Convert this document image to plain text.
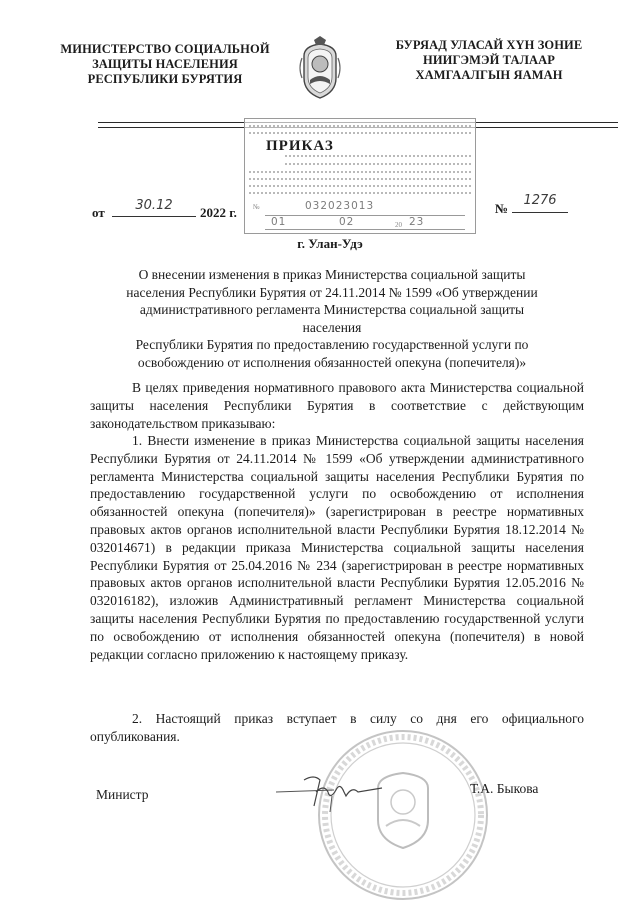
МИНИСТЕРСТВО СОЦИАЛЬНОЙ
ЗАЩИТЫ НАСЕЛЕНИЯ
РЕСПУБЛИКИ БУРЯТИЯ
БУРЯАД УЛАСАЙ ХҮН ЗОНИЕ
НИИГЭМЭЙ ТАЛААР
ХАМГААЛГЫН ЯАМАН
№	032023013
01	02	20 23
ПРИКАЗ
от	30.12	2022 г.	№
1276
г. Улан-Удэ
О внесении изменения в приказ Министерства социальной защиты
населения Республики Бурятия от 24.11.2014 № 1599 «Об утверждении
административного регламента Министерства социальной защиты населения
Республики Бурятия по предоставлению государственной услуги по
освобождению от исполнения обязанностей опекуна (попечителя)»
В целях приведения нормативного правового акта Министерства социальной защиты населения Республики Бурятия в соответствие с действующим законодательством приказываю:
1. Внести изменение в приказ Министерства социальной защиты населения Республики Бурятия от 24.11.2014 № 1599 «Об утверждении административного регламента Министерства социальной защиты населения Республики Бурятия по предоставлению государственной услуги по освобождению от исполнения обязанностей опекуна (попечителя)» (зарегистрирован в реестре нормативных правовых актов органов исполнительной власти Республики Бурятия 18.12.2014 № 032014671) в редакции приказа Министерства социальной защиты населения Республики Бурятия от 25.04.2016 № 234 (зарегистрирован в реестре нормативных правовых актов органов исполнительной власти Республики Бурятия 12.05.2016 № 032016182), изложив Административный регламент Министерства социальной защиты населения Республики Бурятия по предоставлению государственной услуги по освобождению от исполнения обязанностей опекуна (попечителя) в новой редакции согласно приложению к настоящему приказу.
2. Настоящий приказ вступает в силу со дня его официального опубликования.
Министр	Т.А. Быкова
